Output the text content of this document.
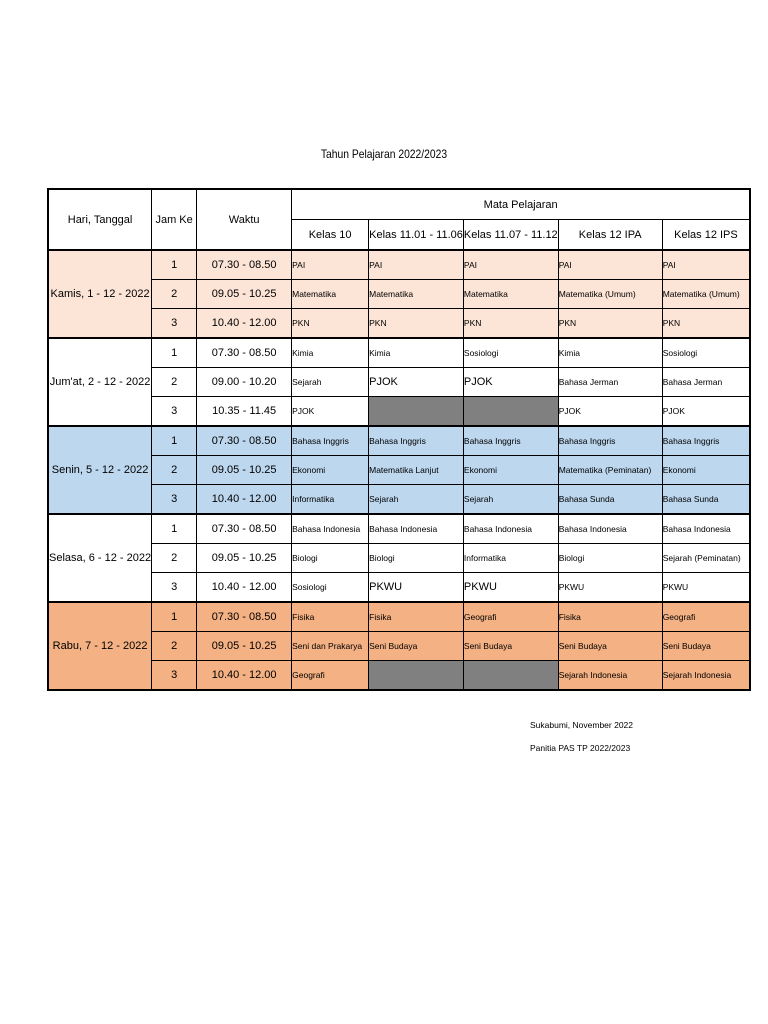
Tahun Pelajaran 2022/2023
Hari, Tanggal	Jam Ke	Waktu	Mata Pelajaran				
			Kelas 10	Kelas 11.01 - 11.06	Kelas 11.07 - 11.12	Kelas 12 IPA	Kelas 12 IPS
Kamis, 1 - 12 - 2022	1	07.30 - 08.50	PAI	PAI	PAI	PAI	PAI
	2	09.05 - 10.25	Matematika	Matematika	Matematika	Matematika (Umum)	Matematika (Umum)
	3	10.40 - 12.00	PKN	PKN	PKN	PKN	PKN
Jum'at, 2 - 12 - 2022	1	07.30 - 08.50	Kimia	Kimia	Sosiologi	Kimia	Sosiologi
	2	09.00 - 10.20	Sejarah	PJOK	PJOK	Bahasa Jerman	Bahasa Jerman
	3	10.35 - 11.45	PJOK			PJOK	PJOK
Senin, 5 - 12 - 2022	1	07.30 - 08.50	Bahasa Inggris	Bahasa Inggris	Bahasa Inggris	Bahasa Inggris	Bahasa Inggris
	2	09.05 - 10.25	Ekonomi	Matematika Lanjut	Ekonomi	Matematika (Peminatan)	Ekonomi
	3	10.40 - 12.00	Informatika	Sejarah	Sejarah	Bahasa Sunda	Bahasa Sunda
Selasa, 6 - 12 - 2022	1	07.30 - 08.50	Bahasa Indonesia	Bahasa Indonesia	Bahasa Indonesia	Bahasa Indonesia	Bahasa Indonesia
	2	09.05 - 10.25	Biologi	Biologi	Informatika	Biologi	Sejarah (Peminatan)
	3	10.40 - 12.00	Sosiologi	PKWU	PKWU	PKWU	PKWU
Rabu, 7 - 12 - 2022	1	07.30 - 08.50	Fisika	Fisika	Geografi	Fisika	Geografi
	2	09.05 - 10.25	Seni dan Prakarya	Seni Budaya	Seni Budaya	Seni Budaya	Seni Budaya
	3	10.40 - 12.00	Geografi			Sejarah Indonesia	Sejarah Indonesia
Sukabumi, November 2022
Panitia PAS TP 2022/2023
